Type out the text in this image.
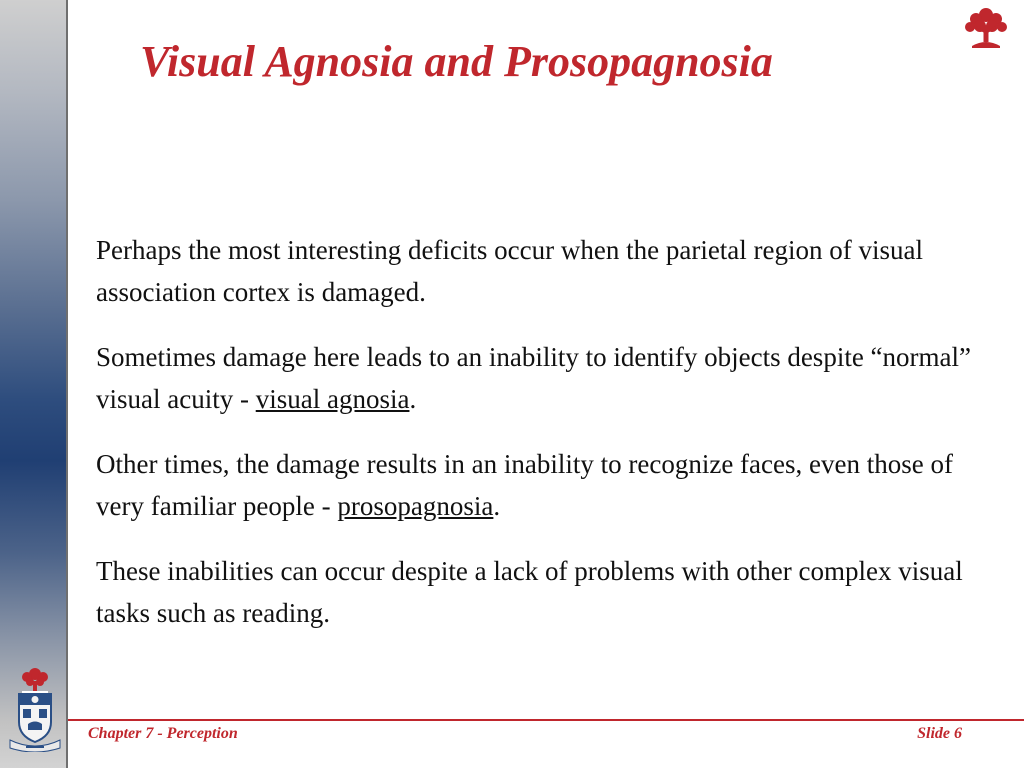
Visual Agnosia and Prosopagnosia

Perhaps the most interesting deficits occur when the parietal region of visual association cortex is damaged.

Sometimes damage here leads to an inability to identify objects despite “normal” visual acuity - visual agnosia.

Other times, the damage results in an inability to recognize faces, even those of very familiar people - prosopagnosia.

These inabilities can occur despite a lack of problems with other complex visual tasks such as reading.

Chapter 7 - Perception	Slide 6
